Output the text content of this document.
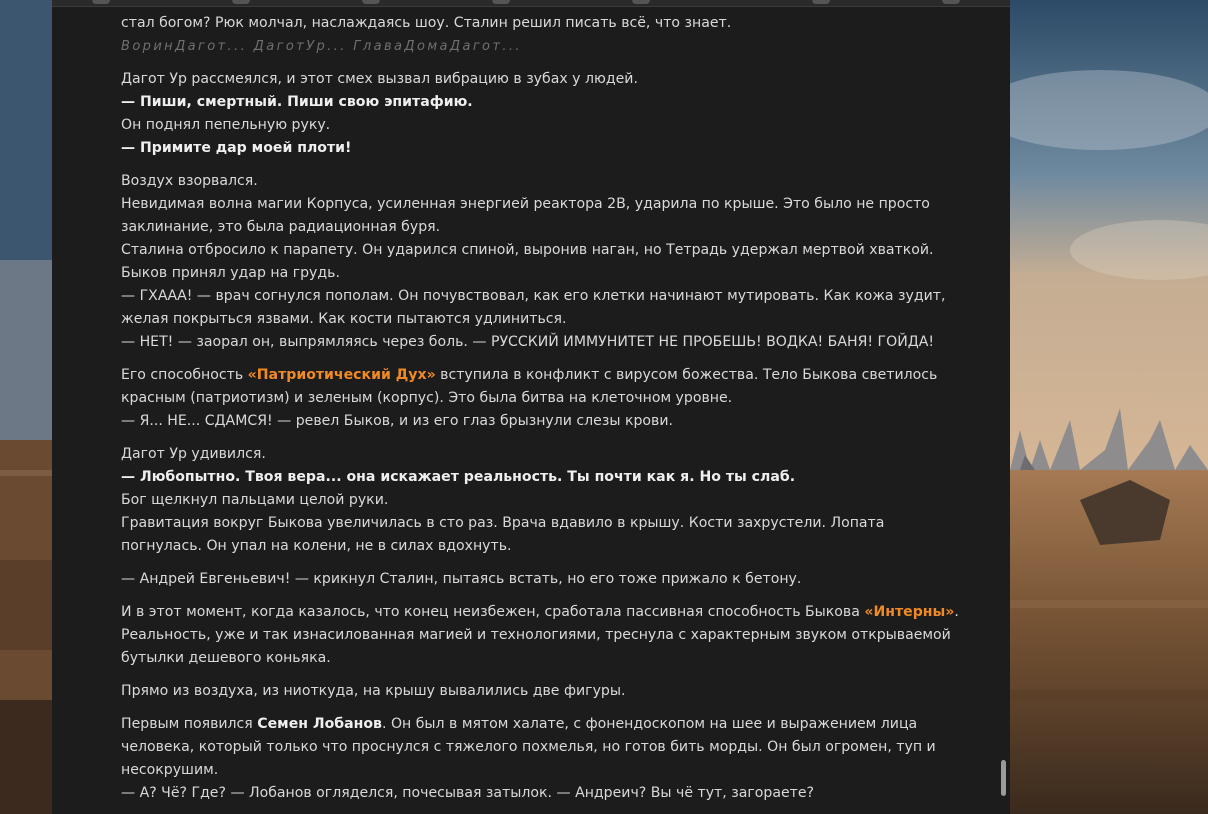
стал богом? Рюк молчал, наслаждаясь шоу. Сталин решил писать всё, что знает.
ВоринДагот... ДаготУр... ГлаваДомаДагот...

Дагот Ур рассмеялся, и этот смех вызвал вибрацию в зубах у людей.
— Пиши, смертный. Пиши свою эпитафию.
Он поднял пепельную руку.
— Примите дар моей плоти!

Воздух взорвался.
Невидимая волна магии Корпуса, усиленная энергией реактора 2В, ударила по крыше. Это было не просто
заклинание, это была радиационная буря.
Сталина отбросило к парапету. Он ударился спиной, выронив наган, но Тетрадь удержал мертвой хваткой.
Быков принял удар на грудь.
— ГХААА! — врач согнулся пополам. Он почувствовал, как его клетки начинают мутировать. Как кожа зудит,
желая покрыться язвами. Как кости пытаются удлиниться.
— НЕТ! — заорал он, выпрямляясь через боль. — РУССКИЙ ИММУНИТЕТ НЕ ПРОБЕШЬ! ВОДКА! БАНЯ! ГОЙДА!

Его способность «Патриотический Дух» вступила в конфликт с вирусом божества. Тело Быкова светилось
красным (патриотизм) и зеленым (корпус). Это была битва на клеточном уровне.
— Я... НЕ... СДАМСЯ! — ревел Быков, и из его глаз брызнули слезы крови.

Дагот Ур удивился.
— Любопытно. Твоя вера... она искажает реальность. Ты почти как я. Но ты слаб.
Бог щелкнул пальцами целой руки.
Гравитация вокруг Быкова увеличилась в сто раз. Врача вдавило в крышу. Кости захрустели. Лопата
погнулась. Он упал на колени, не в силах вдохнуть.

— Андрей Евгеньевич! — крикнул Сталин, пытаясь встать, но его тоже прижало к бетону.

И в этот момент, когда казалось, что конец неизбежен, сработала пассивная способность Быкова «Интерны».
Реальность, уже и так изнасилованная магией и технологиями, треснула с характерным звуком открываемой
бутылки дешевого коньяка.

Прямо из воздуха, из ниоткуда, на крышу вывалились две фигуры.

Первым появился Семен Лобанов. Он был в мятом халате, с фонендоскопом на шее и выражением лица
человека, который только что проснулся с тяжелого похмелья, но готов бить морды. Он был огромен, туп и
несокрушим.
— А? Чё? Где? — Лобанов огляделся, почесывая затылок. — Андреич? Вы чё тут, загораете?
